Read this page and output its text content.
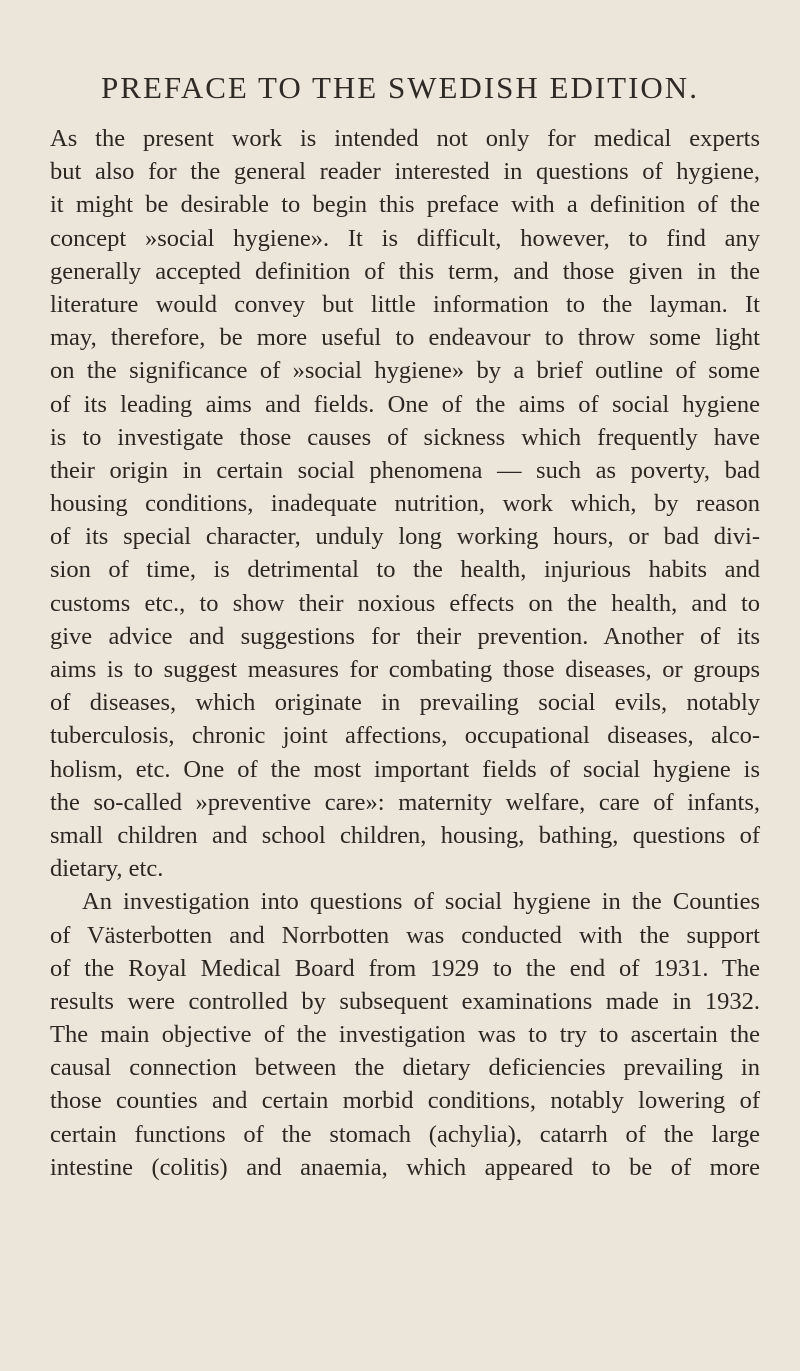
PREFACE TO THE SWEDISH EDITION.
As the present work is intended not only for medical experts
but also for the general reader interested in questions of hygiene,
it might be desirable to begin this preface with a definition of the
concept »social hygiene». It is difficult, however, to find any
generally accepted definition of this term, and those given in the
literature would convey but little information to the layman. It
may, therefore, be more useful to endeavour to throw some light
on the significance of »social hygiene» by a brief outline of some
of its leading aims and fields. One of the aims of social hygiene
is to investigate those causes of sickness which frequently have
their origin in certain social phenomena — such as poverty, bad
housing conditions, inadequate nutrition, work which, by reason
of its special character, unduly long working hours, or bad divi-
sion of time, is detrimental to the health, injurious habits and
customs etc., to show their noxious effects on the health, and to
give advice and suggestions for their prevention. Another of its
aims is to suggest measures for combating those diseases, or groups
of diseases, which originate in prevailing social evils, notably
tuberculosis, chronic joint affections, occupational diseases, alco-
holism, etc. One of the most important fields of social hygiene is
the so-called »preventive care»: maternity welfare, care of infants,
small children and school children, housing, bathing, questions of
dietary, etc.
An investigation into questions of social hygiene in the Counties
of Västerbotten and Norrbotten was conducted with the support
of the Royal Medical Board from 1929 to the end of 1931. The
results were controlled by subsequent examinations made in 1932.
The main objective of the investigation was to try to ascertain the
causal connection between the dietary deficiencies prevailing in
those counties and certain morbid conditions, notably lowering of
certain functions of the stomach (achylia), catarrh of the large
intestine (colitis) and anaemia, which appeared to be of more
